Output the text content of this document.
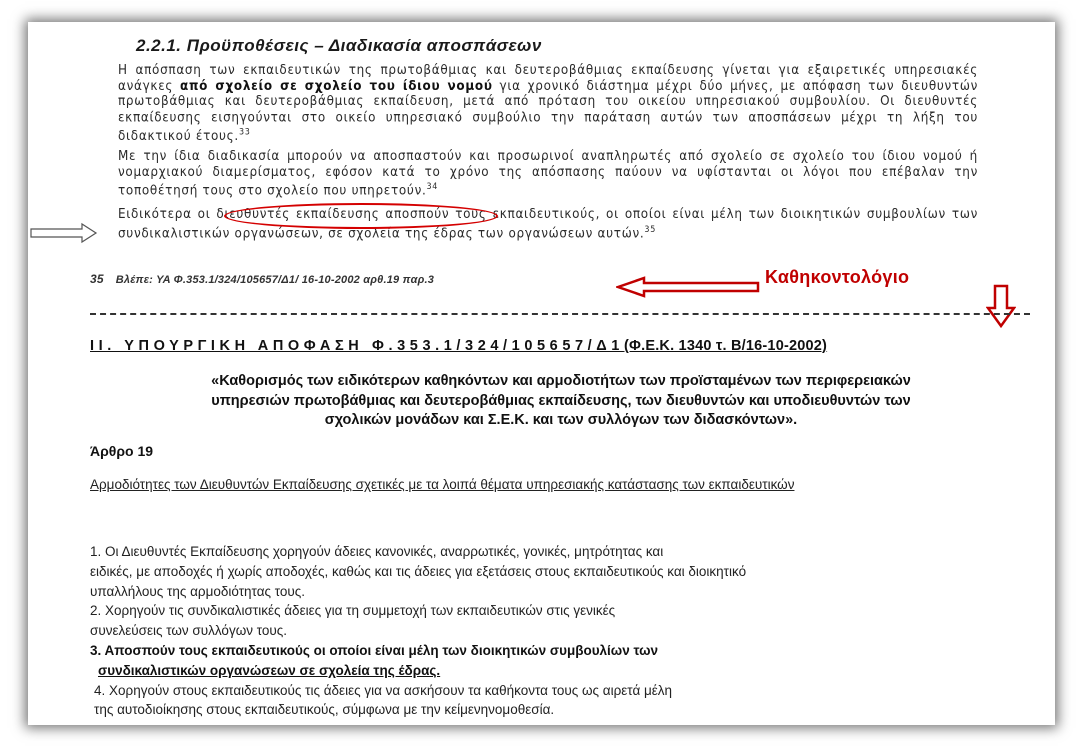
2.2.1. Προϋποθέσεις – Διαδικασία αποσπάσεων
Η απόσπαση των εκπαιδευτικών της πρωτοβάθμιας και δευτεροβάθμιας εκπαίδευσης γίνεται για εξαιρετικές υπηρεσιακές ανάγκες από σχολείο σε σχολείο του ίδιου νομού για χρονικό διάστημα μέχρι δύο μήνες, με απόφαση των διευθυντών πρωτοβάθμιας και δευτεροβάθμιας εκπαίδευση, μετά από πρόταση του οικείου υπηρεσιακού συμβουλίου. Οι διευθυντές εκπαίδευσης εισηγούνται στο οικείο υπηρεσιακό συμβούλιο την παράταση αυτών των αποσπάσεων μέχρι τη λήξη του διδακτικού έτους.$^{33}$
Με την ίδια διαδικασία μπορούν να αποσπαστούν και προσωρινοί αναπληρωτές από σχολείο σε σχολείο του ίδιου νομού ή νομαρχιακού διαμερίσματος, εφόσον κατά το χρόνο της απόσπασης παύουν να υφίστανται οι λόγοι που επέβαλαν την τοποθέτησή τους στο σχολείο που υπηρετούν.$^{34}$
Ειδικότερα οι διευθυντές εκπαίδευσης αποσπούν τους εκπαιδευτικούς, οι οποίοι είναι μέλη των διοικητικών συμβουλίων των συνδικαλιστικών οργανώσεων, σε σχολεία της έδρας των οργανώσεων αυτών.$^{35}$
35 Βλέπε: ΥΑ Φ.353.1/324/105657/Δ1/ 16-10-2002 αρθ.19 παρ.3	Καθηκοντολόγιο
ΙΙ. ΥΠΟΥΡΓΙΚΗ ΑΠΟΦΑΣΗ Φ.353.1/324/105657/Δ1(Φ.Ε.Κ. 1340 τ. Β/16-10-2002)
«Καθορισμός των ειδικότερων καθηκόντων και αρμοδιοτήτων των προϊσταμένων των περιφερειακών υπηρεσιών πρωτοβάθμιας και δευτεροβάθμιας εκπαίδευσης, των διευθυντών και υποδιευθυντών των σχολικών μονάδων και Σ.Ε.Κ. και των συλλόγων των διδασκόντων».
Άρθρο 19
Αρμοδιότητες των Διευθυντών Εκπαίδευσης σχετικές με τα λοιπά θέματα υπηρεσιακής κατάστασης των εκπαιδευτικών
1. Οι Διευθυντές Εκπαίδευσης χορηγούν άδειες κανονικές, αναρρωτικές, γονικές, μητρότητας και
ειδικές, με αποδοχές ή χωρίς αποδοχές, καθώς και τις άδειες για εξετάσεις στους εκπαιδευτικούς και διοικητικό
υπαλλήλους της αρμοδιότητας τους.
2. Χορηγούν τις συνδικαλιστικές άδειες για τη συμμετοχή των εκπαιδευτικών στις γενικές
συνελεύσεις των συλλόγων τους.
3. Αποσπούν τους εκπαιδευτικούς οι οποίοι είναι μέλη των διοικητικών συμβουλίων των
συνδικαλιστικών οργανώσεων σε σχολεία της έδρας.
4. Χορηγούν στους εκπαιδευτικούς τις άδειες για να ασκήσουν τα καθήκοντα τους ως αιρετά μέλη
της αυτοδιοίκησης στους εκπαιδευτικούς, σύμφωνα με την κείμενηνομοθεσία.
